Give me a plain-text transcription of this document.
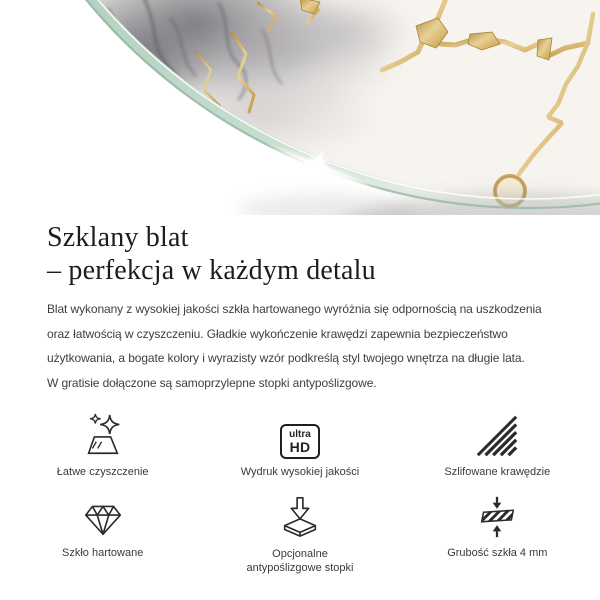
Szklany blat
– perfekcja w każdym detalu
Blat wykonany z wysokiej jakości szkła hartowanego wyróżnia się odpornością na uszkodzenia
oraz łatwością w czyszczeniu. Gładkie wykończenie krawędzi zapewnia bezpieczeństwo
użytkowania, a bogate kolory i wyrazisty wzór podkreślą styl twojego wnętrza na długie lata.
W gratisie dołączone są samoprzylepne stopki antypoślizgowe.
Łatwe czyszczenie
ultra
HD
Wydruk wysokiej jakości	Szlifowane krawędzie
Szkło hartowane	Opcjonalne antypoślizgowe stopki
Grubość szkła 4 mm
